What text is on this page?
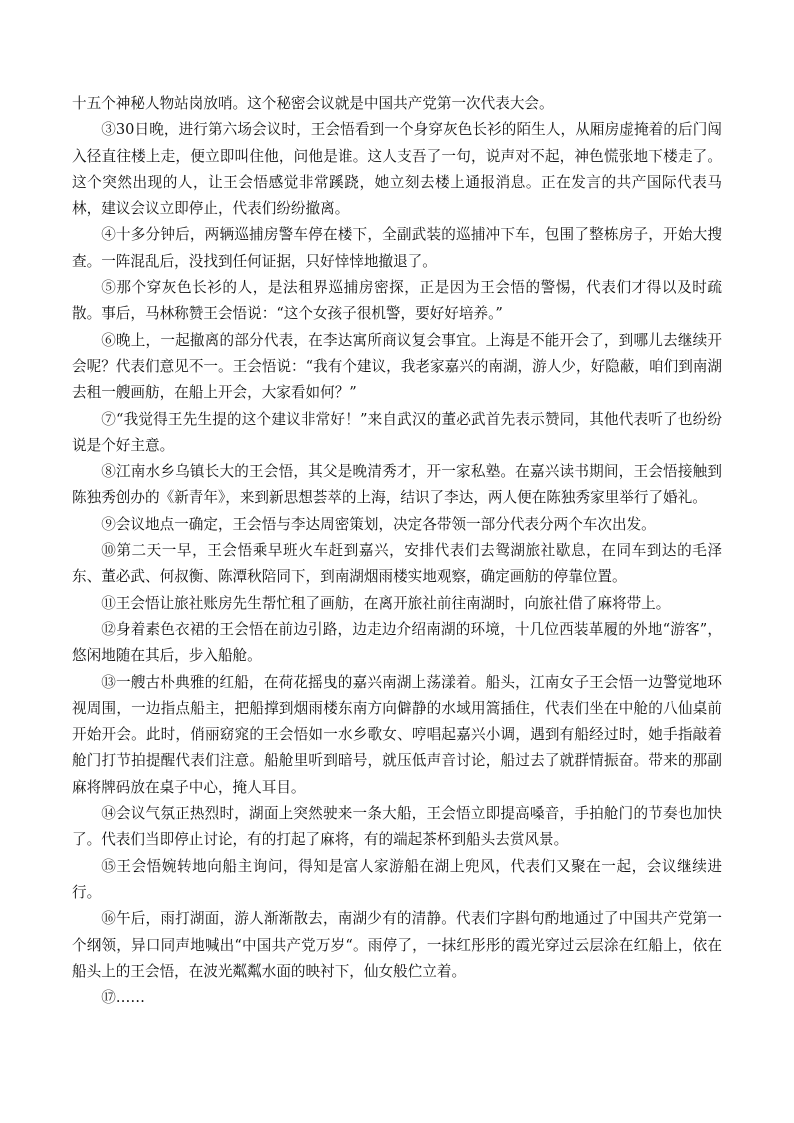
十五个神秘人物站岗放哨。这个秘密会议就是中国共产党第一次代表大会。

③30日晚，进行第六场会议时，王会悟看到一个身穿灰色长衫的陌生人，从厢房虚掩着的后门闯入径直往楼上走，便立即叫住他，问他是谁。这人支吾了一句，说声对不起，神色慌张地下楼走了。这个突然出现的人，让王会悟感觉非常蹊跷，她立刻去楼上通报消息。正在发言的共产国际代表马林，建议会议立即停止，代表们纷纷撤离。

④十多分钟后，两辆巡捕房警车停在楼下，全副武装的巡捕冲下车，包围了整栋房子，开始大搜查。一阵混乱后，没找到任何证据，只好悻悻地撤退了。

⑤那个穿灰色长衫的人，是法租界巡捕房密探，正是因为王会悟的警惕，代表们才得以及时疏散。事后，马林称赞王会悟说：“这个女孩子很机警，要好好培养。”

⑥晚上，一起撤离的部分代表，在李达寓所商议复会事宜。上海是不能开会了，到哪儿去继续开会呢？代表们意见不一。王会悟说：“我有个建议，我老家嘉兴的南湖，游人少，好隐蔽，咱们到南湖去租一艘画舫，在船上开会，大家看如何？”

⑦“我觉得王先生提的这个建议非常好！”来自武汉的董必武首先表示赞同，其他代表听了也纷纷说是个好主意。

⑧江南水乡乌镇长大的王会悟，其父是晚清秀才，开一家私塾。在嘉兴读书期间，王会悟接触到陈独秀创办的《新青年》，来到新思想荟萃的上海，结识了李达，两人便在陈独秀家里举行了婚礼。

⑨会议地点一确定，王会悟与李达周密策划，决定各带领一部分代表分两个车次出发。

⑩第二天一早，王会悟乘早班火车赶到嘉兴，安排代表们去鸳湖旅社歇息，在同车到达的毛泽东、董必武、何叔衡、陈潭秋陪同下，到南湖烟雨楼实地观察，确定画舫的停靠位置。

⑪王会悟让旅社账房先生帮忙租了画舫，在离开旅社前往南湖时，向旅社借了麻将带上。

⑫身着素色衣裙的王会悟在前边引路，边走边介绍南湖的环境，十几位西装革履的外地“游客”，悠闲地随在其后，步入船舱。

⑬一艘古朴典雅的红船，在荷花摇曳的嘉兴南湖上荡漾着。船头，江南女子王会悟一边警觉地环视周围，一边指点船主，把船撑到烟雨楼东南方向僻静的水域用篙插住，代表们坐在中舱的八仙桌前开始开会。此时，俏丽窈窕的王会悟如一水乡歌女、哼唱起嘉兴小调，遇到有船经过时，她手指敲着舱门打节拍提醒代表们注意。船舱里听到暗号，就压低声音讨论，船过去了就群情振奋。带来的那副麻将牌码放在桌子中心，掩人耳目。

⑭会议气氛正热烈时，湖面上突然驶来一条大船，王会悟立即提高嗓音，手拍舱门的节奏也加快了。代表们当即停止讨论，有的打起了麻将，有的端起茶杯到船头去赏风景。

⑮王会悟婉转地向船主询问，得知是富人家游船在湖上兜风，代表们又聚在一起，会议继续进行。

⑯午后，雨打湖面，游人渐渐散去，南湖少有的清静。代表们字斟句酌地通过了中国共产党第一个纲领，异口同声地喊出“中国共产党万岁“。雨停了，一抹红彤彤的霞光穿过云层涂在红船上，依在船头上的王会悟，在波光粼粼水面的映衬下，仙女般伫立着。

⑰……
